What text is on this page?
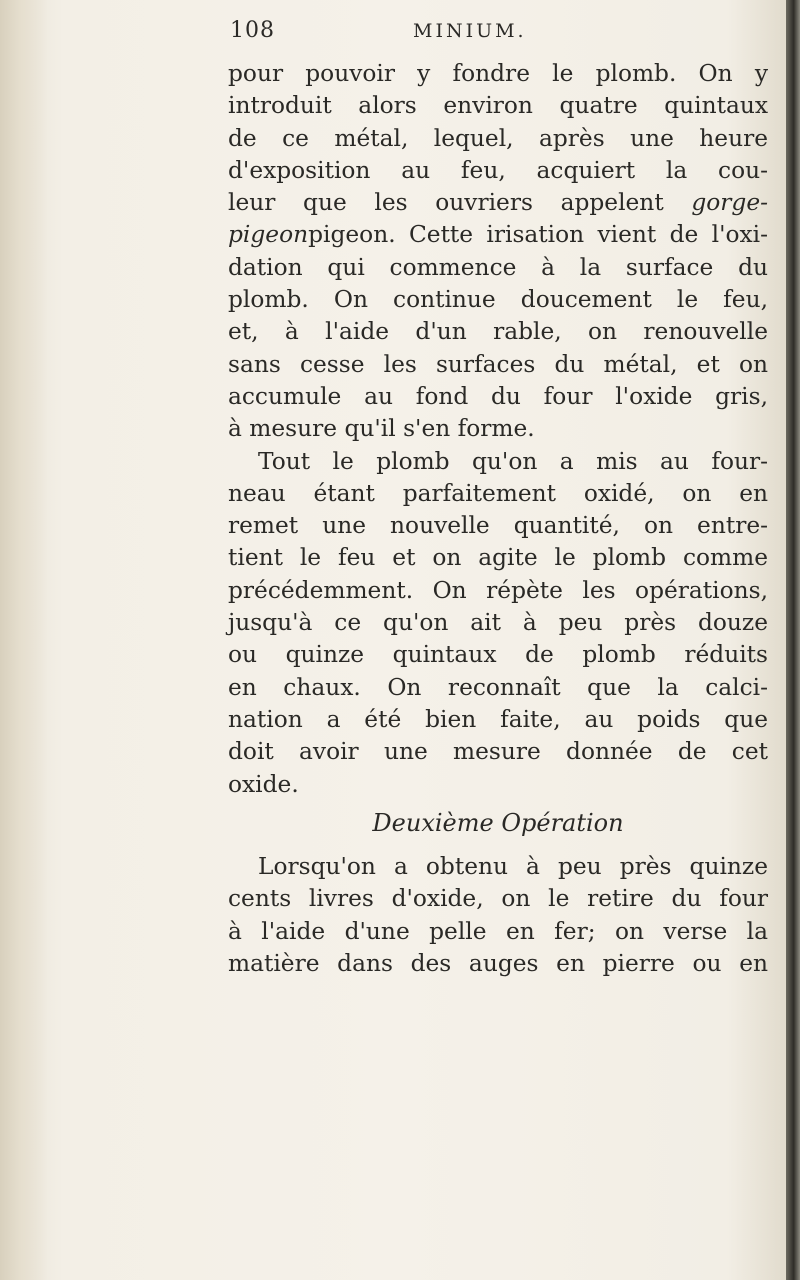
108	MINIUM.
pour pouvoir y fondre le plomb. On y
introduit alors environ quatre quintaux
de ce métal, lequel, après une heure
d'exposition au feu, acquiert la cou-
leur que les ouvriers appelent gorge-
pigeonpigeon. Cette irisation vient de l'oxi-
dation qui commence à la surface du
plomb. On continue doucement le feu,
et, à l'aide d'un rable, on renouvelle
sans cesse les surfaces du métal, et on
accumule au fond du four l'oxide gris,
à mesure qu'il s'en forme.
Tout le plomb qu'on a mis au four-
neau étant parfaitement oxidé, on en
remet une nouvelle quantité, on entre-
tient le feu et on agite le plomb comme
précédemment. On répète les opérations,
jusqu'à ce qu'on ait à peu près douze
ou quinze quintaux de plomb réduits
en chaux. On reconnaît que la calci-
nation a été bien faite, au poids que
doit avoir une mesure donnée de cet
oxide.
Deuxième Opération
Lorsqu'on a obtenu à peu près quinze
cents livres d'oxide, on le retire du four
à l'aide d'une pelle en fer; on verse la
matière dans des auges en pierre ou en
